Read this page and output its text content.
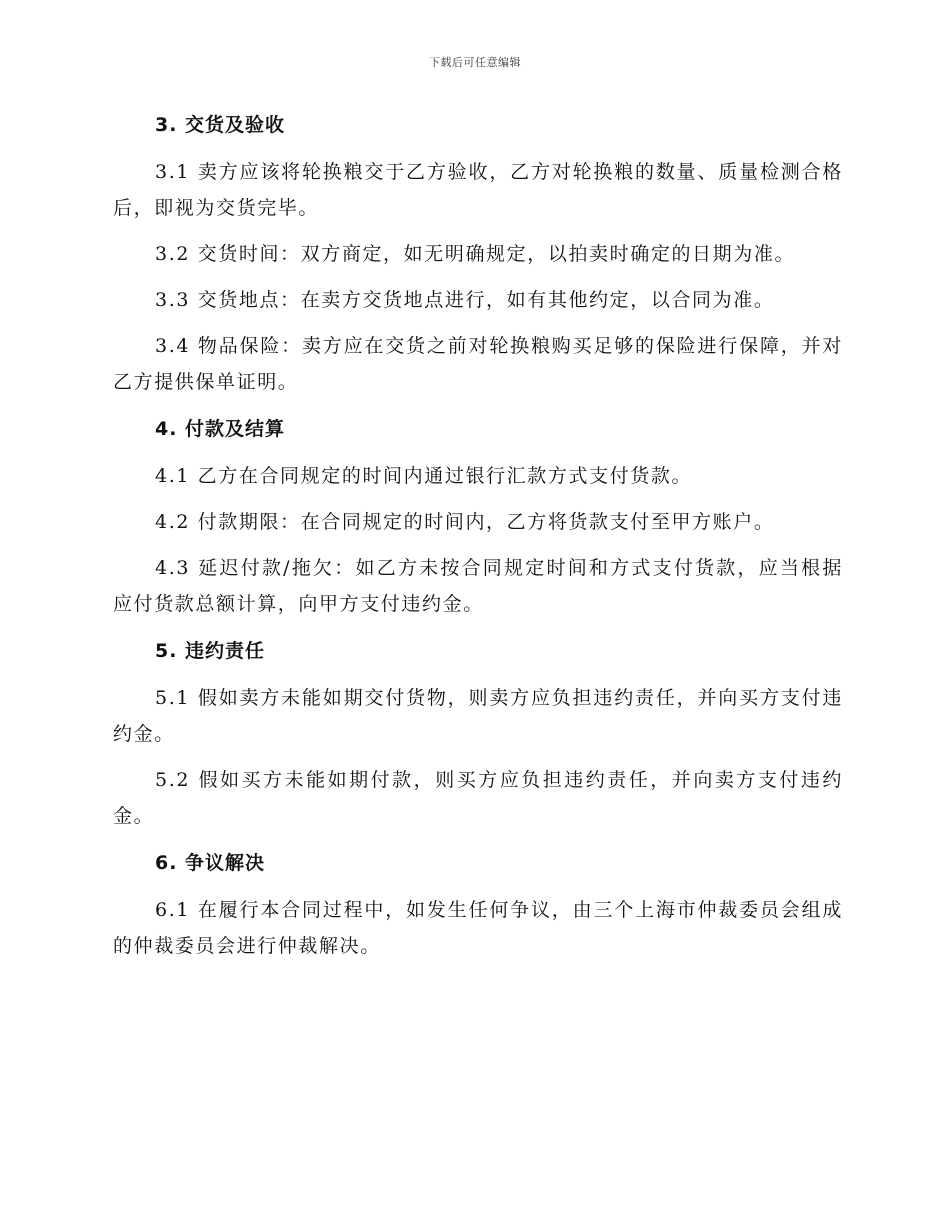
下载后可任意编辑
3. 交货及验收
3.1 卖方应该将轮换粮交于乙方验收，乙方对轮换粮的数量、质量检测合格后，即视为交货完毕。
3.2 交货时间：双方商定，如无明确规定，以拍卖时确定的日期为准。
3.3 交货地点：在卖方交货地点进行，如有其他约定，以合同为准。
3.4 物品保险：卖方应在交货之前对轮换粮购买足够的保险进行保障，并对乙方提供保单证明。
4. 付款及结算
4.1 乙方在合同规定的时间内通过银行汇款方式支付货款。
4.2 付款期限：在合同规定的时间内，乙方将货款支付至甲方账户。
4.3 延迟付款/拖欠：如乙方未按合同规定时间和方式支付货款，应当根据应付货款总额计算，向甲方支付违约金。
5. 违约责任
5.1 假如卖方未能如期交付货物，则卖方应负担违约责任，并向买方支付违约金。
5.2 假如买方未能如期付款，则买方应负担违约责任，并向卖方支付违约金。
6. 争议解决
6.1 在履行本合同过程中，如发生任何争议，由三个上海市仲裁委员会组成的仲裁委员会进行仲裁解决。
